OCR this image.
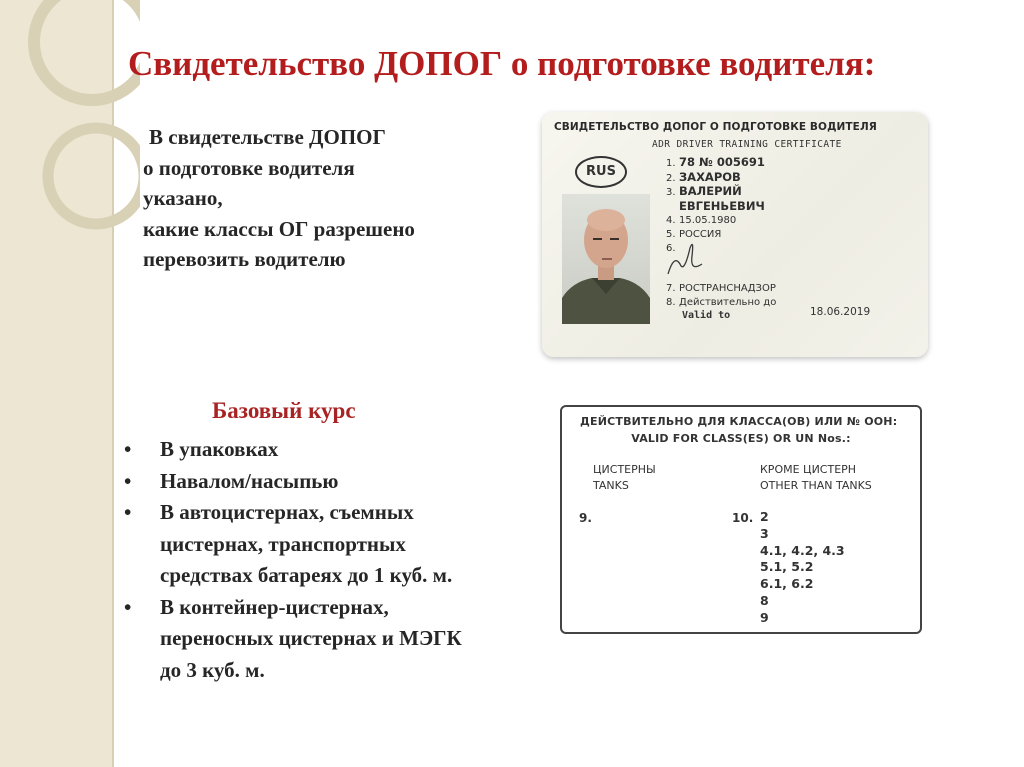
Свидетельство ДОПОГ о подготовке водителя:
В свидетельстве ДОПОГ
о подготовке водителя
указано,
какие классы ОГ разрешено
перевозить водителю
Базовый курс
• В упаковках
• Навалом/насыпью
• В автоцистернах, съемных
цистернах, транспортных
средствах батареях до 1 куб. м.
• В контейнер-цистернах,
переносных цистернах и МЭГК
до 3 куб. м.
СВИДЕТЕЛЬСТВО ДОПОГ О ПОДГОТОВКЕ ВОДИТЕЛЯ
ADR DRIVER TRAINING CERTIFICATE
RUS
1. 78 № 005691
2. ЗАХАРОВ
3. ВАЛЕРИЙ
ЕВГЕНЬЕВИЧ
4. 15.05.1980
5. РОССИЯ
6.

7. РОСТРАНСНАДЗОР
8. Действительно до
Valid to	18.06.2019
ДЕЙСТВИТЕЛЬНО ДЛЯ КЛАССА(ОВ) ИЛИ № ООН:
VALID FOR CLASS(ES) OR UN Nos.:
ЦИСТЕРНЫ
TANKS
КРОМЕ ЦИСТЕРН
OTHER THAN TANKS
9.	10. 2
3
4.1, 4.2, 4.3
5.1, 5.2
6.1, 6.2
8
9
